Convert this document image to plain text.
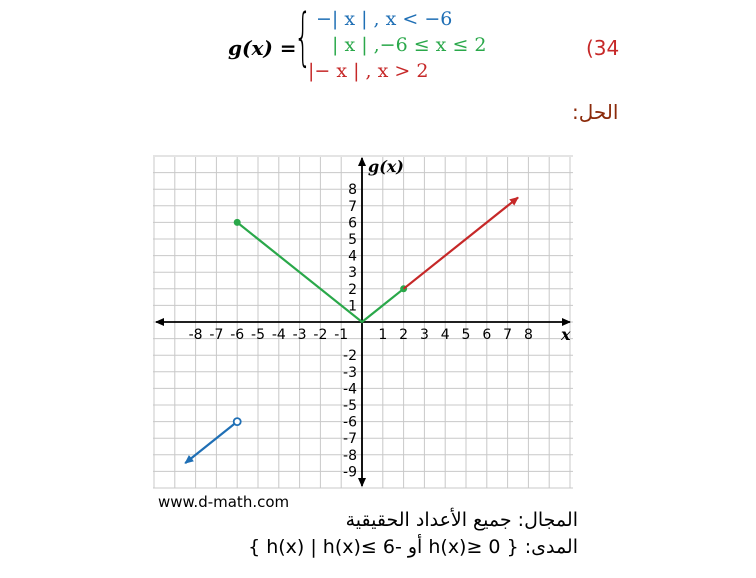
g(x) =
{ −| x | , x < −6
| x | ,−6 ≤ x ≤ 2
|− x | , x > 2
(34
الحل:
-8 -7 -6 -5 -4 -3 -2 -1 1 2 3 4 5 6 7 8
8
7
6
5
4
3
2
1
-2
-3
-4
-5
-6
-7
-8
-9
x
g(x)
www.d-math.com
المجال: جميع الأعداد الحقيقية
المدى: { h(x)≥ 0 أو -6 ≥h(x) | h(x) }
